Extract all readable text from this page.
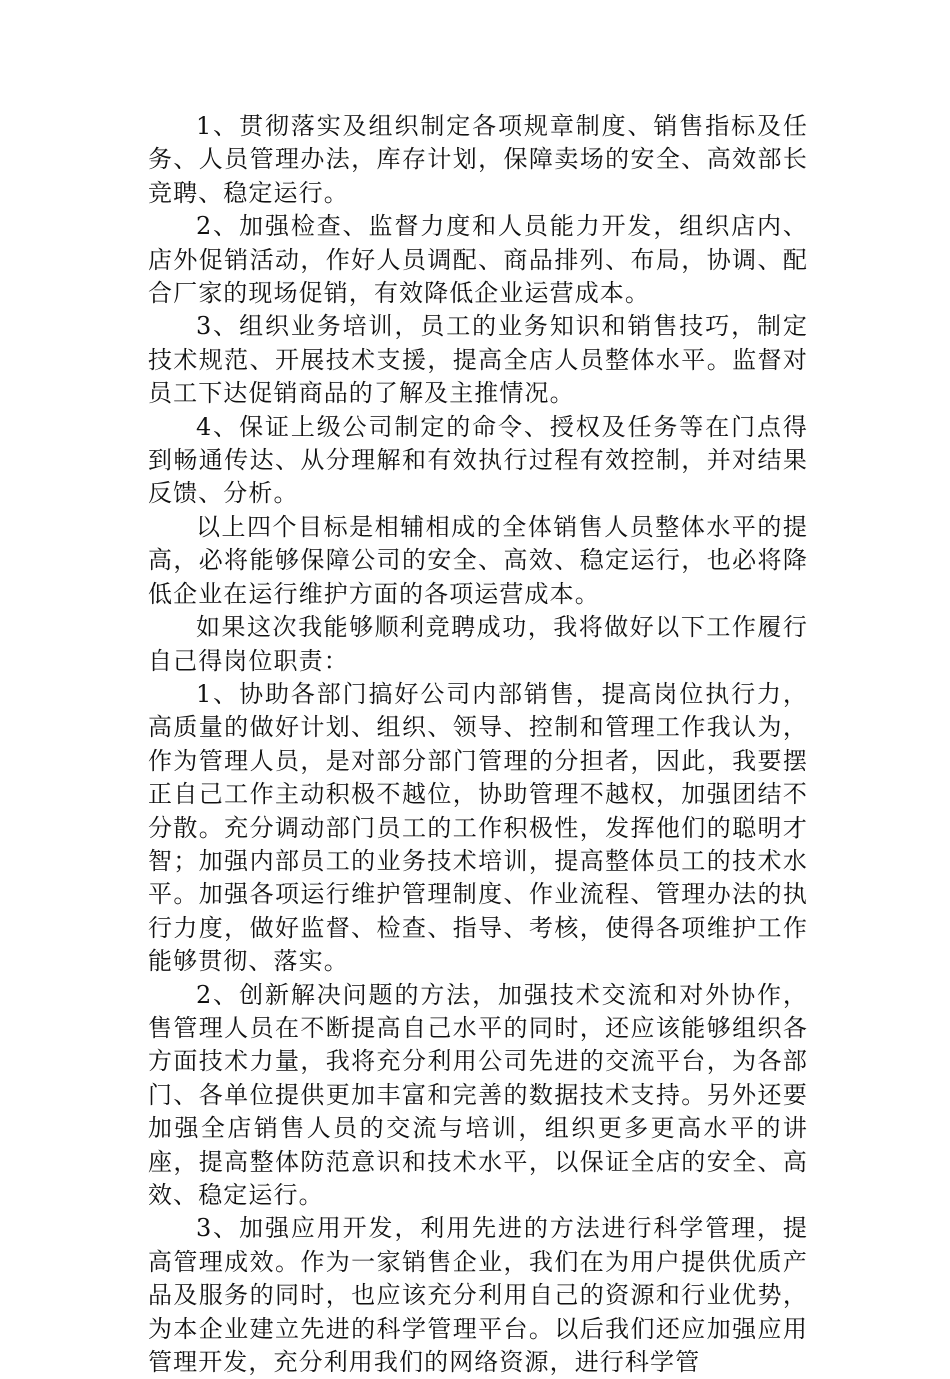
1、贯彻落实及组织制定各项规章制度、销售指标及任务、人员管理办法，库存计划，保障卖场的安全、高效部长竞聘、稳定运行。

2、加强检查、监督力度和人员能力开发，组织店内、店外促销活动，作好人员调配、商品排列、布局，协调、配合厂家的现场促销，有效降低企业运营成本。

3、组织业务培训，员工的业务知识和销售技巧，制定技术规范、开展技术支援，提高全店人员整体水平。监督对员工下达促销商品的了解及主推情况。

4、保证上级公司制定的命令、授权及任务等在门点得到畅通传达、从分理解和有效执行过程有效控制，并对结果反馈、分析。

以上四个目标是相辅相成的全体销售人员整体水平的提高，必将能够保障公司的安全、高效、稳定运行，也必将降低企业在运行维护方面的各项运营成本。

如果这次我能够顺利竞聘成功，我将做好以下工作履行自己得岗位职责：

1、协助各部门搞好公司内部销售，提高岗位执行力，高质量的做好计划、组织、领导、控制和管理工作我认为，作为管理人员，是对部分部门管理的分担者，因此，我要摆正自己工作主动积极不越位，协助管理不越权，加强团结不分散。充分调动部门员工的工作积极性，发挥他们的聪明才智；加强内部员工的业务技术培训，提高整体员工的技术水平。加强各项运行维护管理制度、作业流程、管理办法的执行力度，做好监督、检查、指导、考核，使得各项维护工作能够贯彻、落实。

2、创新解决问题的方法，加强技术交流和对外协作，售管理人员在不断提高自己水平的同时，还应该能够组织各方面技术力量，我将充分利用公司先进的交流平台，为各部门、各单位提供更加丰富和完善的数据技术支持。另外还要加强全店销售人员的交流与培训，组织更多更高水平的讲座，提高整体防范意识和技术水平，以保证全店的安全、高效、稳定运行。

3、加强应用开发，利用先进的方法进行科学管理，提高管理成效。作为一家销售企业，我们在为用户提供优质产品及服务的同时，也应该充分利用自己的资源和行业优势，为本企业建立先进的科学管理平台。以后我们还应加强应用管理开发，充分利用我们的网络资源，进行科学管
